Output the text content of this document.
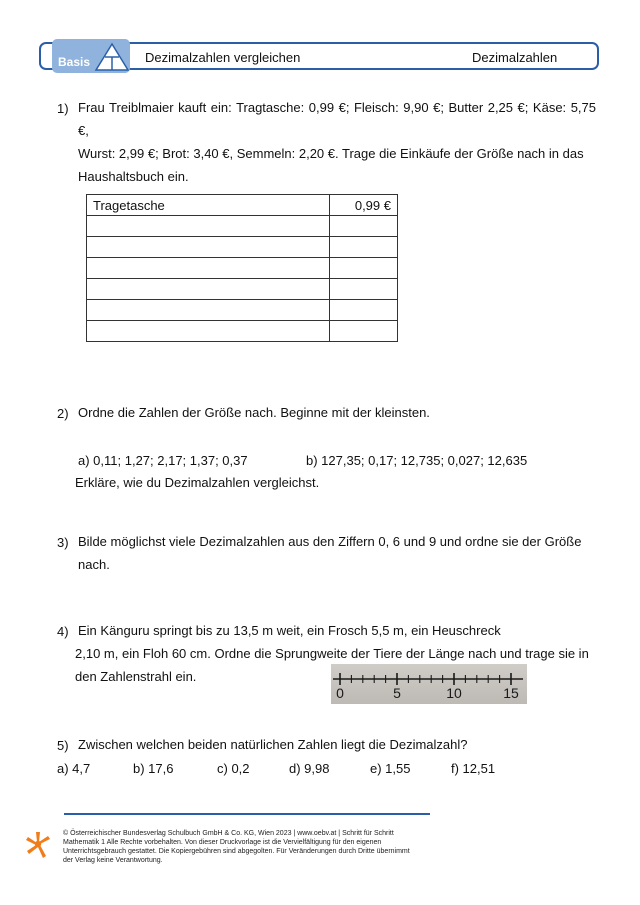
Basis	Dezimalzahlen vergleichen	Dezimalzahlen
1) Frau Treiblmaier kauft ein: Tragtasche: 0,99 €; Fleisch: 9,90 €; Butter 2,25 €; Käse: 5,75 €,
Wurst: 2,99 €; Brot: 3,40 €, Semmeln: 2,20 €. Trage die Einkäufe der Größe nach in das
Haushaltsbuch ein.
Tragetasche	0,99 €

2) Ordne die Zahlen der Größe nach. Beginne mit der kleinsten.
a) 0,11; 1,27; 2,17; 1,37; 0,37	b) 127,35; 0,17; 12,735; 0,027; 12,635
Erkläre, wie du Dezimalzahlen vergleichst.
3) Bilde möglichst viele Dezimalzahlen aus den Ziffern 0, 6 und 9 und ordne sie der Größe
nach.
4) Ein Känguru springt bis zu 13,5 m weit, ein Frosch 5,5 m, ein Heuschreck
2,10 m, ein Floh 60 cm. Ordne die Sprungweite der Tiere der Länge nach und trage sie in
den Zahlenstrahl ein.
0	5	10	15
5) Zwischen welchen beiden natürlichen Zahlen liegt die Dezimalzahl?
a) 4,7	b) 17,6	c) 0,2	d) 9,98	e) 1,55	f) 12,51
© Österreichischer Bundesverlag Schulbuch GmbH & Co. KG, Wien 2023 | www.oebv.at | Schritt für Schritt
Mathematik 1 Alle Rechte vorbehalten. Von dieser Druckvorlage ist die Vervielfältigung für den eigenen
Unterrichtsgebrauch gestattet. Die Kopiergebühren sind abgegolten. Für Veränderungen durch Dritte übernimmt
der Verlag keine Verantwortung.
